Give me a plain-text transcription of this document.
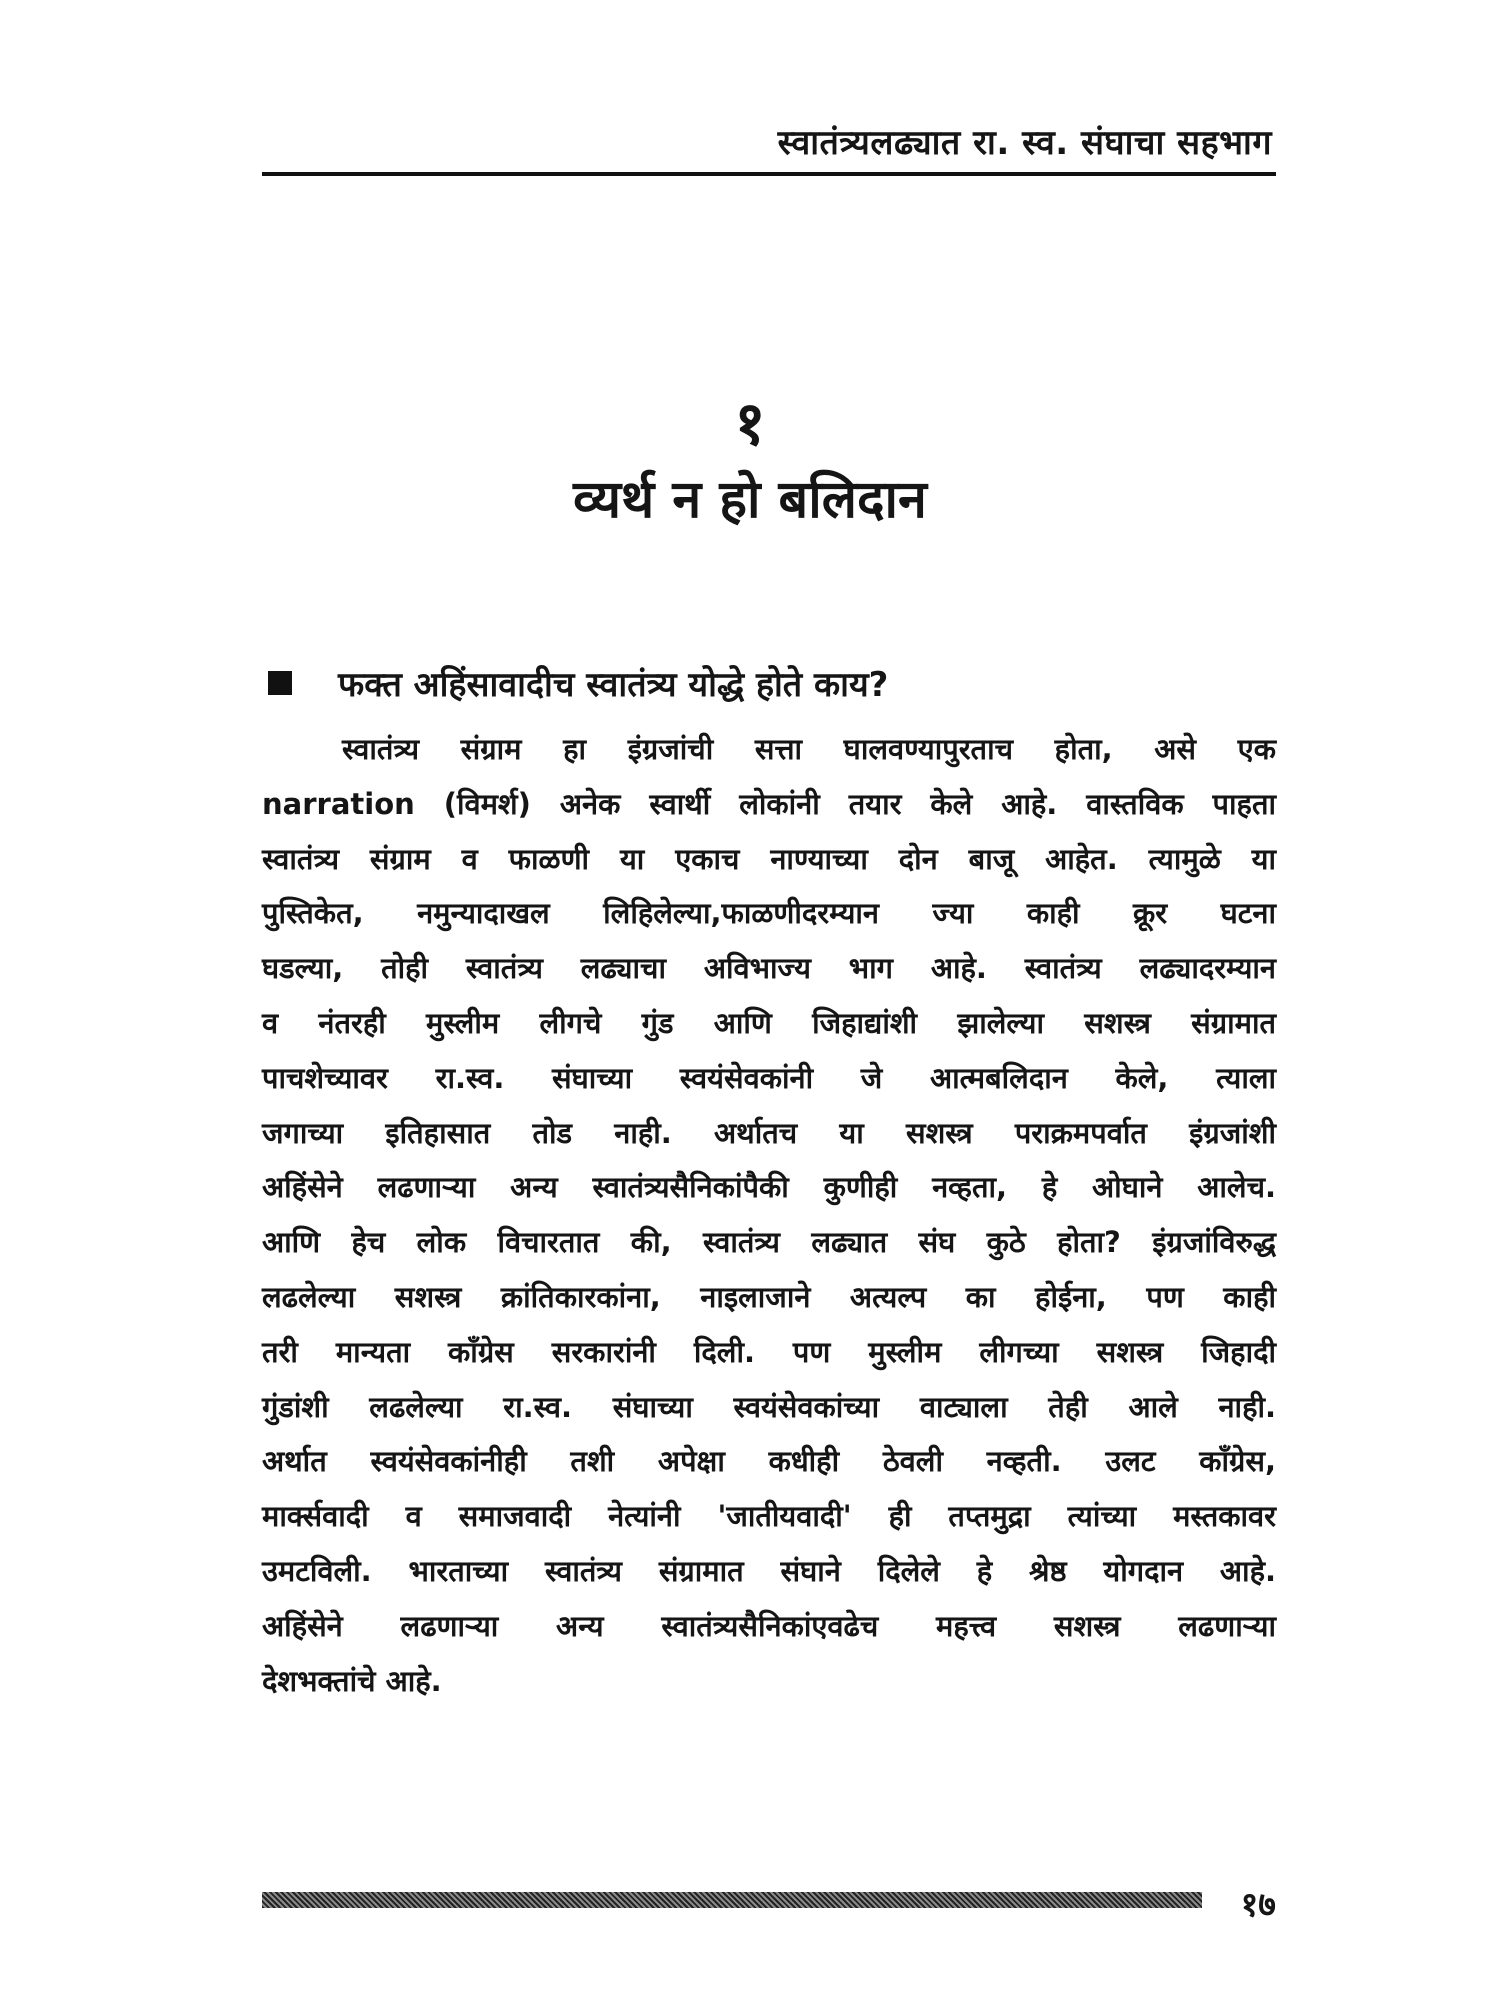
स्वातंत्र्यलढ्यात रा. स्व. संघाचा सहभाग
१
व्यर्थ न हो बलिदान
फक्त अहिंसावादीच स्वातंत्र्य योद्धे होते काय?
स्वातंत्र्य संग्राम हा इंग्रजांची सत्ता घालवण्यापुरताच होता, असे एक
narration (विमर्श) अनेक स्वार्थी लोकांनी तयार केले आहे. वास्तविक पाहता
स्वातंत्र्य संग्राम व फाळणी या एकाच नाण्याच्या दोन बाजू आहेत. त्यामुळे या
पुस्तिकेत, नमुन्यादाखल लिहिलेल्या,फाळणीदरम्यान ज्या काही क्रूर घटना
घडल्या, तोही स्वातंत्र्य लढ्याचा अविभाज्य भाग आहे. स्वातंत्र्य लढ्यादरम्यान
व नंतरही मुस्लीम लीगचे गुंड आणि जिहाद्यांशी झालेल्या सशस्त्र संग्रामात
पाचशेच्यावर रा.स्व. संघाच्या स्वयंसेवकांनी जे आत्मबलिदान केले, त्याला
जगाच्या इतिहासात तोड नाही. अर्थातच या सशस्त्र पराक्रमपर्वात इंग्रजांशी
अहिंसेने लढणाऱ्या अन्य स्वातंत्र्यसैनिकांपैकी कुणीही नव्हता, हे ओघाने आलेच.
आणि हेच लोक विचारतात की, स्वातंत्र्य लढ्यात संघ कुठे होता? इंग्रजांविरुद्ध
लढलेल्या सशस्त्र क्रांतिकारकांना, नाइलाजाने अत्यल्प का होईना, पण काही
तरी मान्यता काँग्रेस सरकारांनी दिली. पण मुस्लीम लीगच्या सशस्त्र जिहादी
गुंडांशी लढलेल्या रा.स्व. संघाच्या स्वयंसेवकांच्या वाट्याला तेही आले नाही.
अर्थात स्वयंसेवकांनीही तशी अपेक्षा कधीही ठेवली नव्हती. उलट काँग्रेस,
मार्क्सवादी व समाजवादी नेत्यांनी 'जातीयवादी' ही तप्तमुद्रा त्यांच्या मस्तकावर
उमटविली. भारताच्या स्वातंत्र्य संग्रामात संघाने दिलेले हे श्रेष्ठ योगदान आहे.
अहिंसेने लढणाऱ्या अन्य स्वातंत्र्यसैनिकांएवढेच महत्त्व सशस्त्र लढणाऱ्या
देशभक्तांचे आहे.
१७
